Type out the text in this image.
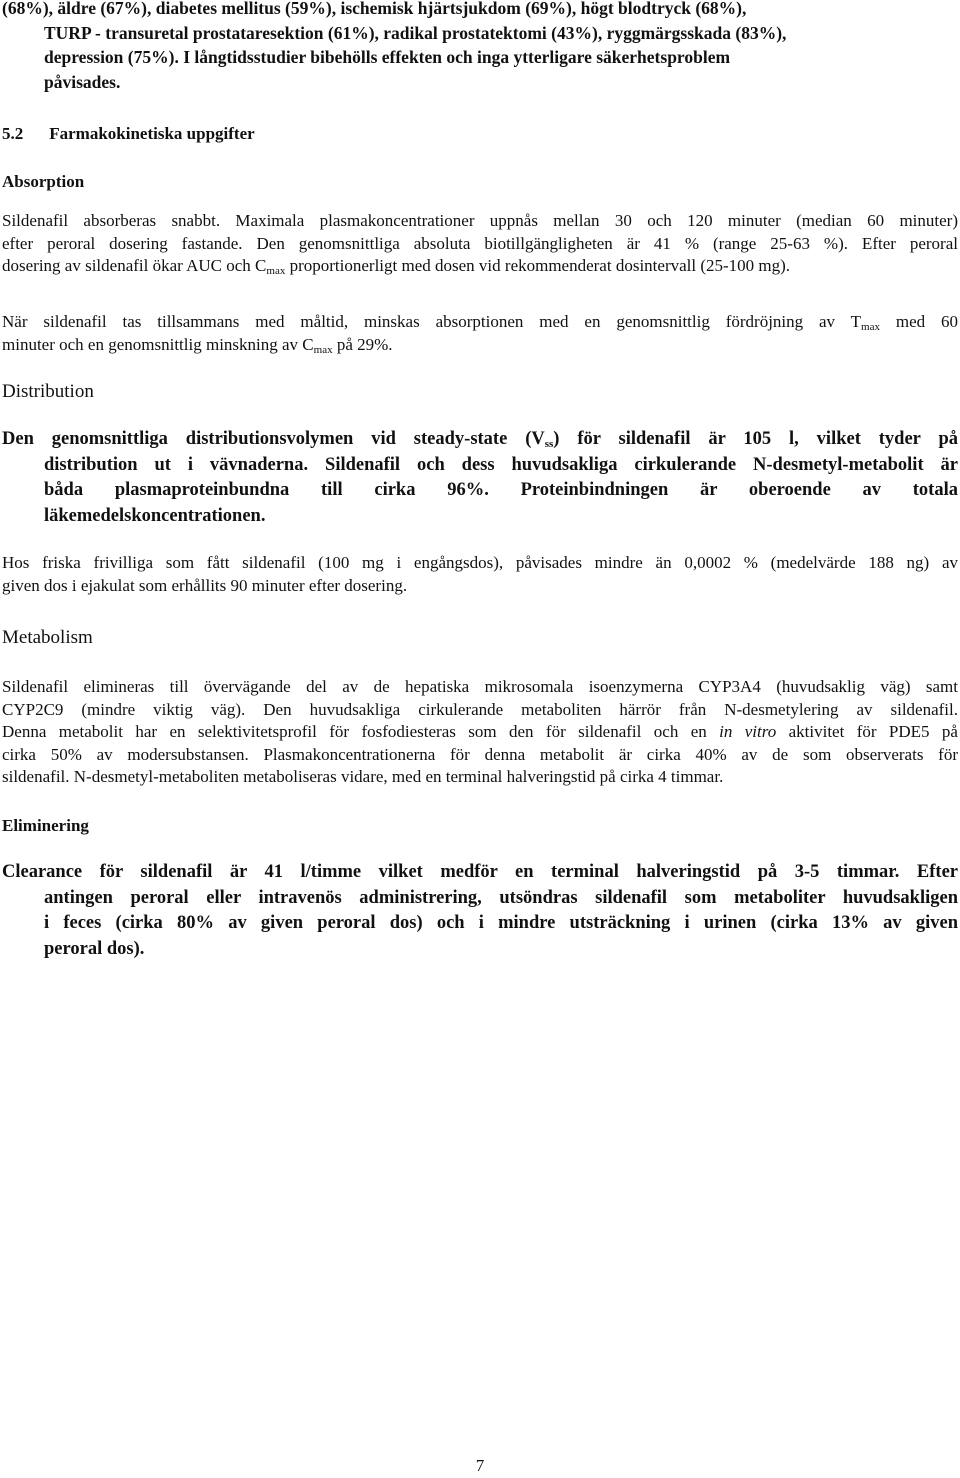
(68%), äldre (67%), diabetes mellitus (59%), ischemisk hjärtsjukdom (69%), högt blodtryck (68%),
TURP - transuretal prostataresektion (61%), radikal prostatektomi (43%), ryggmärgsskada (83%),
depression (75%). I långtidsstudier bibehölls effekten och inga ytterligare säkerhetsproblem
påvisades.
5.2 Farmakokinetiska uppgifter
Absorption
Sildenafil absorberas snabbt. Maximala plasmakoncentrationer uppnås mellan 30 och 120 minuter (median 60 minuter)
efter peroral dosering fastande. Den genomsnittliga absoluta biotillgängligheten är 41 % (range 25-63 %). Efter peroral
dosering av sildenafil ökar AUC och $C_{max}$ proportionerligt med dosen vid rekommenderat dosintervall (25-100 mg).
När sildenafil tas tillsammans med måltid, minskas absorptionen med en genomsnittlig fördröjning av $T_{max}$ med 60
minuter och en genomsnittlig minskning av $C_{max}$ på 29%.
Distribution
Den genomsnittliga distributionsvolymen vid steady-state $(V_{ss})$ för sildenafil är 105 l, vilket tyder på
distribution ut i vävnaderna. Sildenafil och dess huvudsakliga cirkulerande N-desmetyl-metabolit är
båda plasmaproteinbundna till cirka 96%. Proteinbindningen är oberoende av totala
läkemedelskoncentrationen.
Hos friska frivilliga som fått sildenafil (100 mg i engångsdos), påvisades mindre än 0,0002 % (medelvärde 188 ng) av
given dos i ejakulat som erhållits 90 minuter efter dosering.
Metabolism
Sildenafil elimineras till övervägande del av de hepatiska mikrosomala isoenzymerna CYP3A4 (huvudsaklig väg) samt
CYP2C9 (mindre viktig väg). Den huvudsakliga cirkulerande metaboliten härrör från N-desmetylering av sildenafil.
Denna metabolit har en selektivitetsprofil för fosfodiesteras som den för sildenafil och en in vitro aktivitet för PDE5 på
cirka 50% av modersubstansen. Plasmakoncentrationerna för denna metabolit är cirka 40% av de som observerats för
sildenafil. N-desmetyl-metaboliten metaboliseras vidare, med en terminal halveringstid på cirka 4 timmar.
Eliminering
Clearance för sildenafil är 41 l/timme vilket medför en terminal halveringstid på 3-5 timmar. Efter
antingen peroral eller intravenös administrering, utsöndras sildenafil som metaboliter huvudsakligen
i feces (cirka 80% av given peroral dos) och i mindre utsträckning i urinen (cirka 13% av given
peroral dos).
7
